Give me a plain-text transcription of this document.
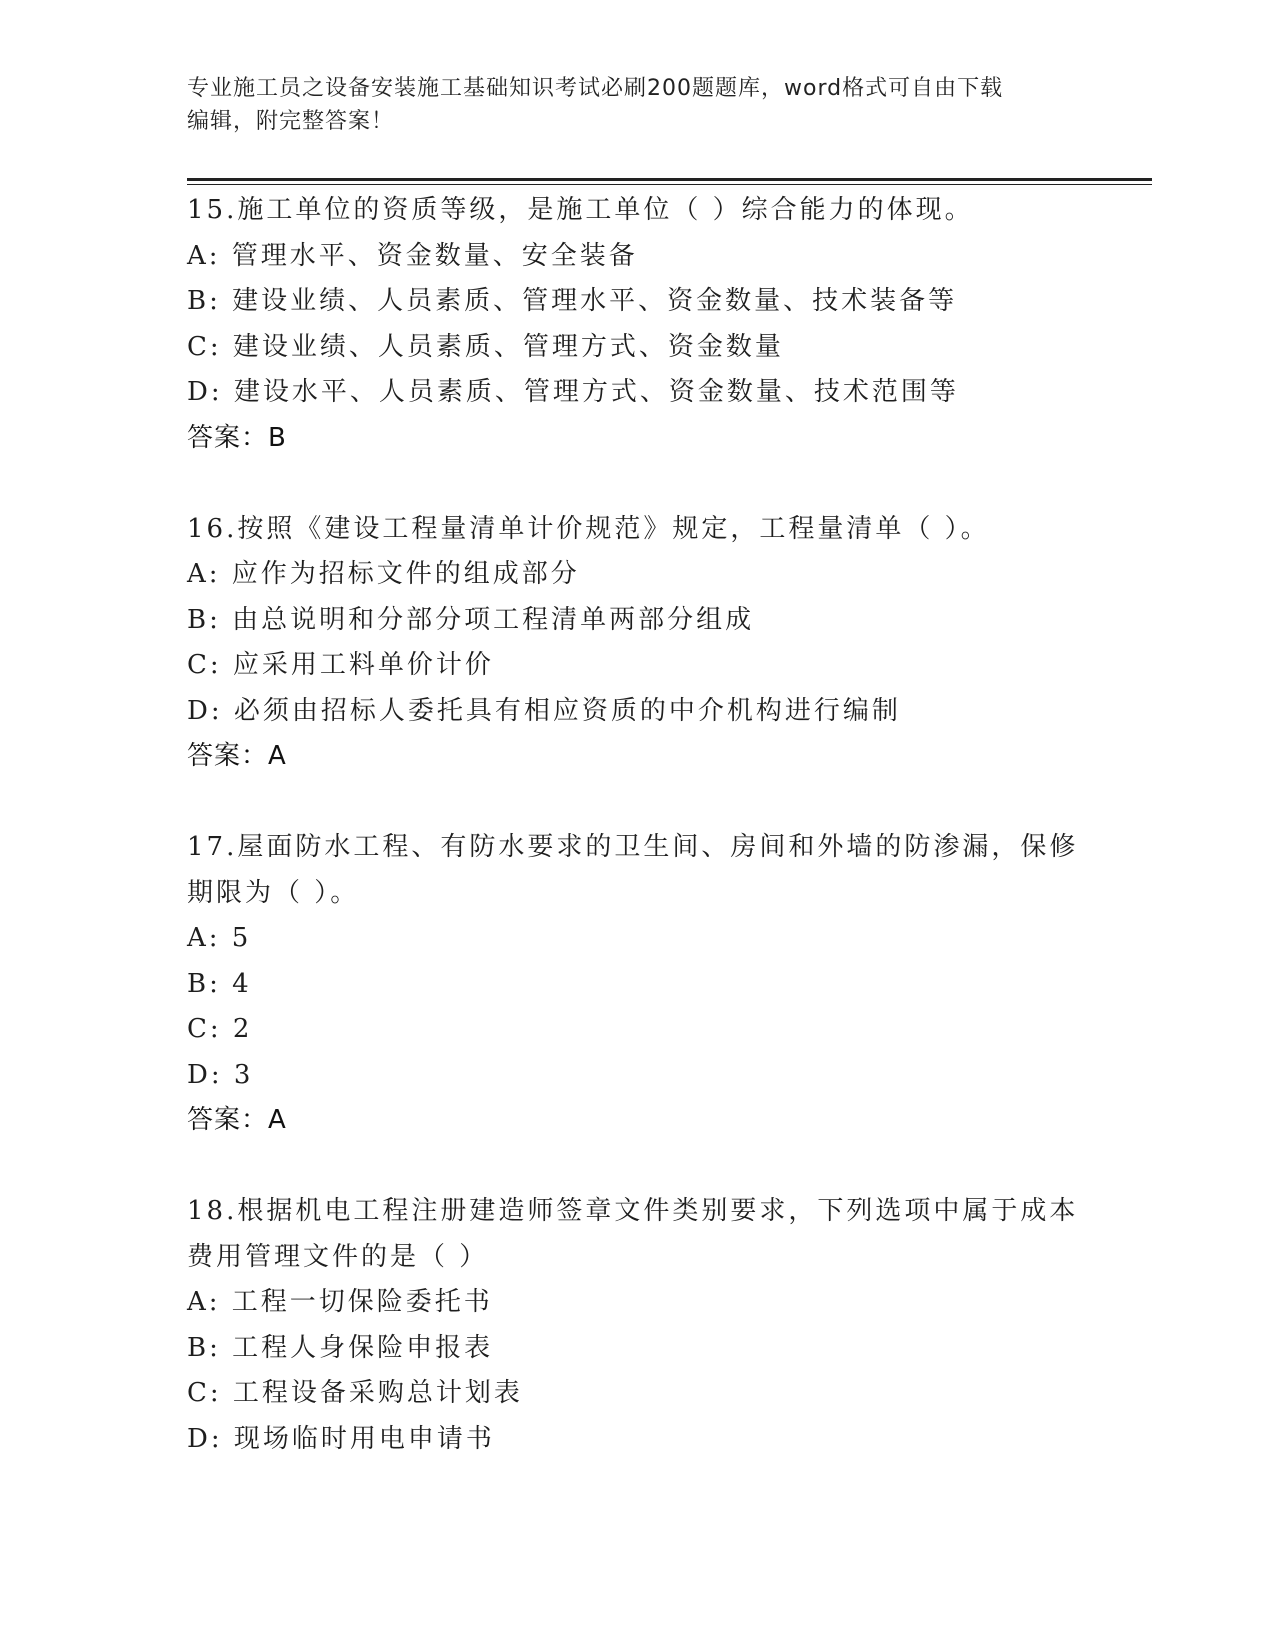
专业施工员之设备安装施工基础知识考试必刷200题题库，word格式可自由下载
编辑，附完整答案！
15.施工单位的资质等级，是施工单位（ ）综合能力的体现。
A: 管理水平、资金数量、安全装备
B: 建设业绩、人员素质、管理水平、资金数量、技术装备等
C: 建设业绩、人员素质、管理方式、资金数量
D: 建设水平、人员素质、管理方式、资金数量、技术范围等
答案：B
16.按照《建设工程量清单计价规范》规定，工程量清单（ ）。
A: 应作为招标文件的组成部分
B: 由总说明和分部分项工程清单两部分组成
C: 应采用工料单价计价
D: 必须由招标人委托具有相应资质的中介机构进行编制
答案：A
17.屋面防水工程、有防水要求的卫生间、房间和外墙的防渗漏，保修
期限为（ ）。
A: 5
B: 4
C: 2
D: 3
答案：A
18.根据机电工程注册建造师签章文件类别要求，下列选项中属于成本
费用管理文件的是（ ）
A: 工程一切保险委托书
B: 工程人身保险申报表
C: 工程设备采购总计划表
D: 现场临时用电申请书
